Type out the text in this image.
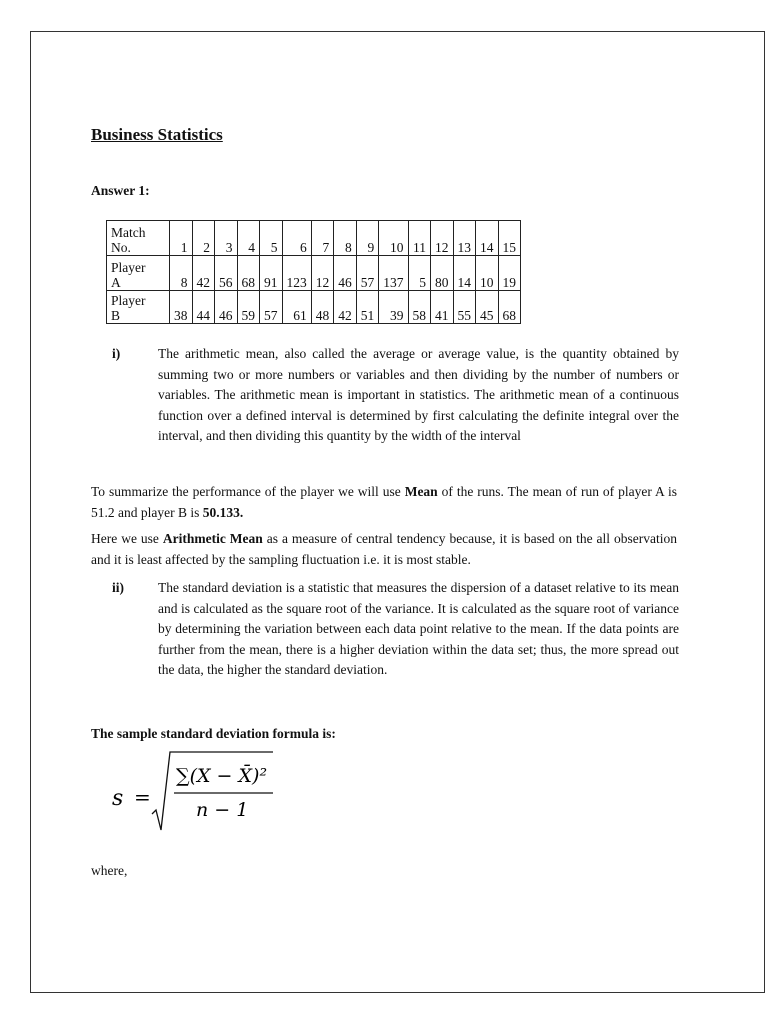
Business Statistics
Answer 1:
Match
No.	1	2	3	4	5	6	7	8	9	10	11	12	13	14	15
Player
A	8	42	56	68	91	123	12	46	57	137	5	80	14	10	19
Player
B	38	44	46	59	57	61	48	42	51	39	58	41	55	45	68
i)	The arithmetic mean, also called the average or average value, is the quantity obtained by summing two or more numbers or variables and then dividing by the number of numbers or variables. The arithmetic mean is important in statistics. The arithmetic mean of a continuous function over a defined interval is determined by first calculating the definite integral over the interval, and then dividing this quantity by the width of the interval
To summarize the performance of the player we will use Mean of the runs. The mean of run of player A is 51.2 and player B is 50.133.
Here we use Arithmetic Mean as a measure of central tendency because, it is based on the all observation and it is least affected by the sampling fluctuation i.e. it is most stable.
ii)	The standard deviation is a statistic that measures the dispersion of a dataset relative to its mean and is calculated as the square root of the variance. It is calculated as the square root of variance by determining the variation between each data point relative to the mean. If the data points are further from the mean, there is a higher deviation within the data set; thus, the more spread out the data, the higher the standard deviation.
The sample standard deviation formula is:
s =
∑(X − X̄)²
n − 1
where,
